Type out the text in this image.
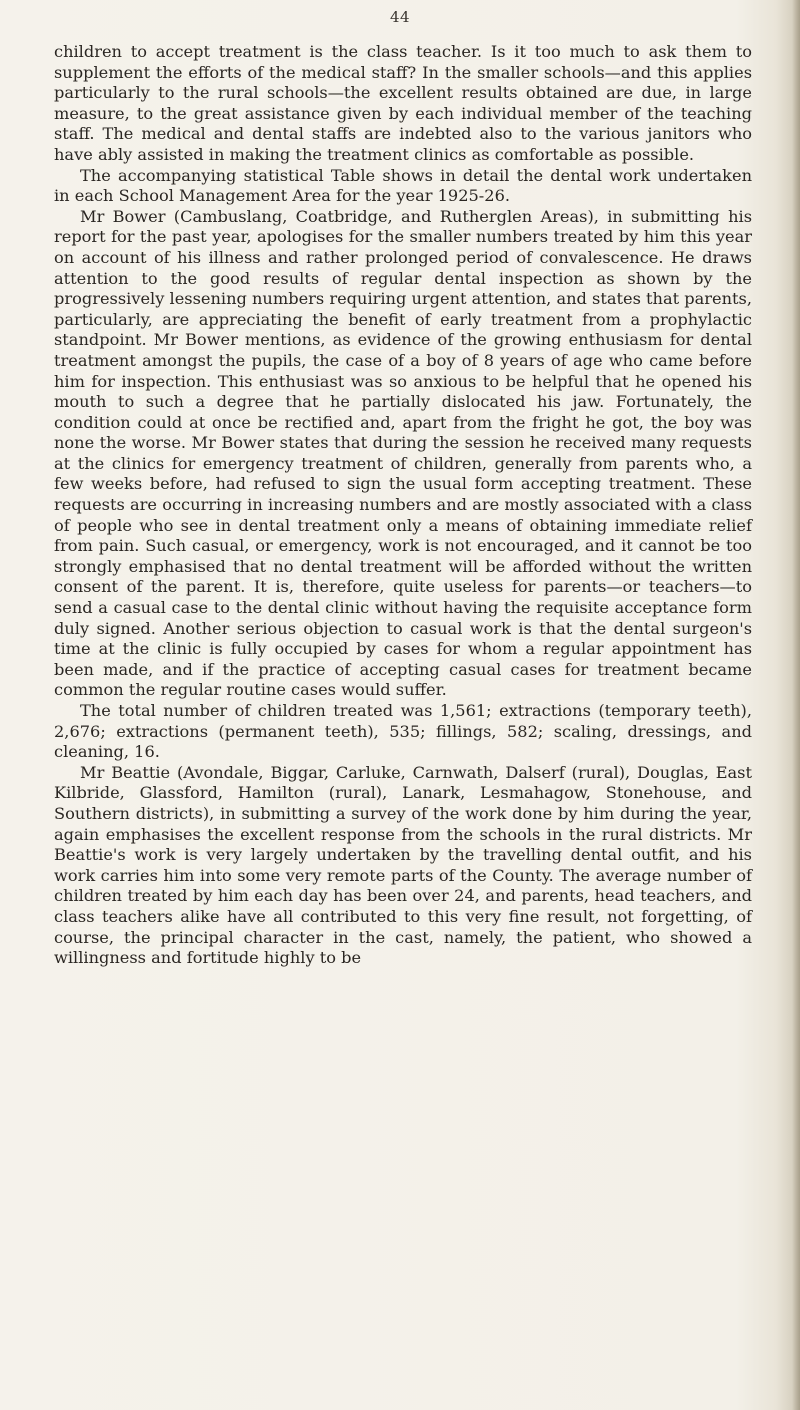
44

children to accept treatment is the class teacher. Is it too much to ask them to supplement the efforts of the medical staff? In the smaller schools—and this applies particularly to the rural schools—the excellent results obtained are due, in large measure, to the great assistance given by each individual member of the teaching staff. The medical and dental staffs are indebted also to the various janitors who have ably assisted in making the treatment clinics as comfortable as possible.

The accompanying statistical Table shows in detail the dental work undertaken in each School Management Area for the year 1925-26.

Mr Bower (Cambuslang, Coatbridge, and Rutherglen Areas), in submitting his report for the past year, apologises for the smaller numbers treated by him this year on account of his illness and rather prolonged period of convalescence. He draws attention to the good results of regular dental inspection as shown by the progressively lessening numbers requiring urgent attention, and states that parents, particularly, are appreciating the benefit of early treatment from a prophylactic standpoint. Mr Bower mentions, as evidence of the growing enthusiasm for dental treatment amongst the pupils, the case of a boy of 8 years of age who came before him for inspection. This enthusiast was so anxious to be helpful that he opened his mouth to such a degree that he partially dislocated his jaw. Fortunately, the condition could at once be rectified and, apart from the fright he got, the boy was none the worse. Mr Bower states that during the session he received many requests at the clinics for emergency treatment of children, generally from parents who, a few weeks before, had refused to sign the usual form accepting treatment. These requests are occurring in increasing numbers and are mostly associated with a class of people who see in dental treatment only a means of obtaining immediate relief from pain. Such casual, or emergency, work is not encouraged, and it cannot be too strongly emphasised that no dental treatment will be afforded without the written consent of the parent. It is, therefore, quite useless for parents—or teachers—to send a casual case to the dental clinic without having the requisite acceptance form duly signed. Another serious objection to casual work is that the dental surgeon's time at the clinic is fully occupied by cases for whom a regular appointment has been made, and if the practice of accepting casual cases for treatment became common the regular routine cases would suffer.

The total number of children treated was 1,561; extractions (temporary teeth), 2,676; extractions (permanent teeth), 535; fillings, 582; scaling, dressings, and cleaning, 16.

Mr Beattie (Avondale, Biggar, Carluke, Carnwath, Dalserf (rural), Douglas, East Kilbride, Glassford, Hamilton (rural), Lanark, Lesmahagow, Stonehouse, and Southern districts), in submitting a survey of the work done by him during the year, again emphasises the excellent response from the schools in the rural districts. Mr Beattie's work is very largely undertaken by the travelling dental outfit, and his work carries him into some very remote parts of the County. The average number of children treated by him each day has been over 24, and parents, head teachers, and class teachers alike have all contributed to this very fine result, not forgetting, of course, the principal character in the cast, namely, the patient, who showed a willingness and fortitude highly to be
